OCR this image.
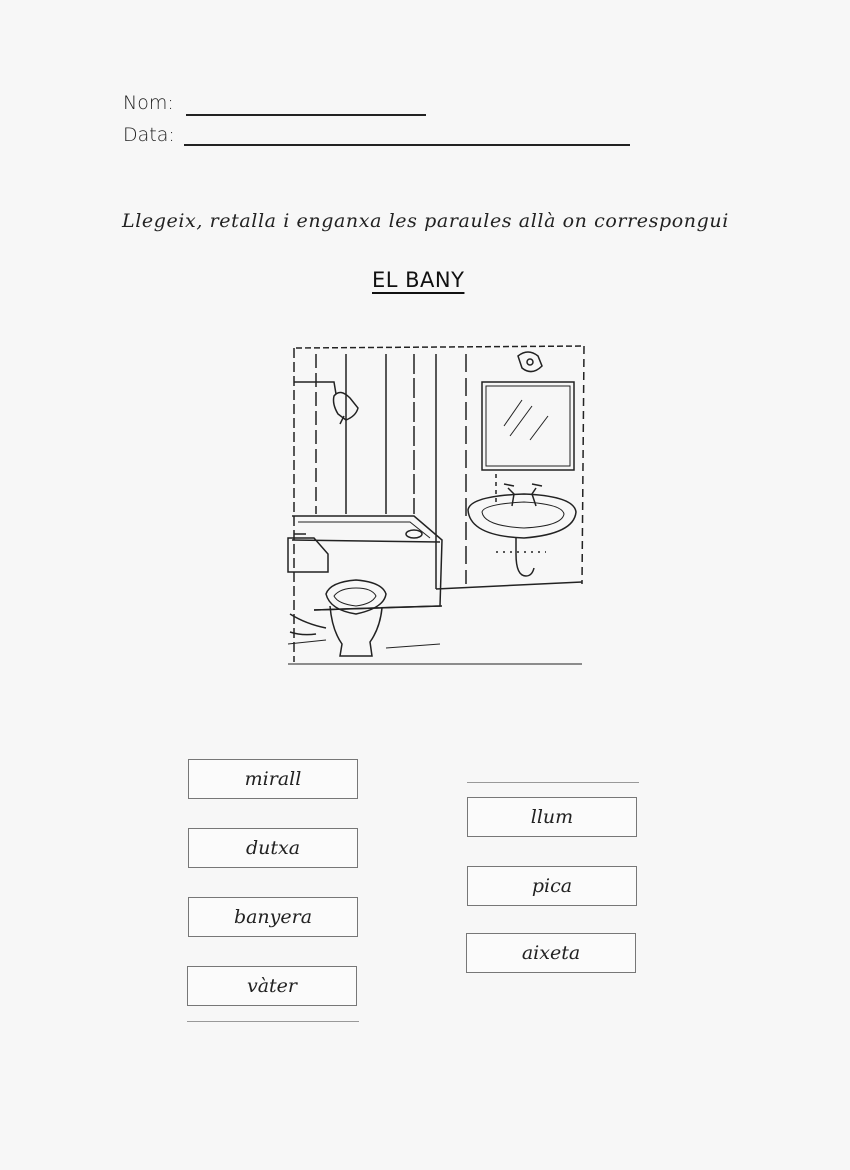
Nom:
Data:
Llegeix, retalla i enganxa les paraules allà on correspongui
EL BANY
mirall
dutxa
banyera
vàter
llum
pica
aixeta
